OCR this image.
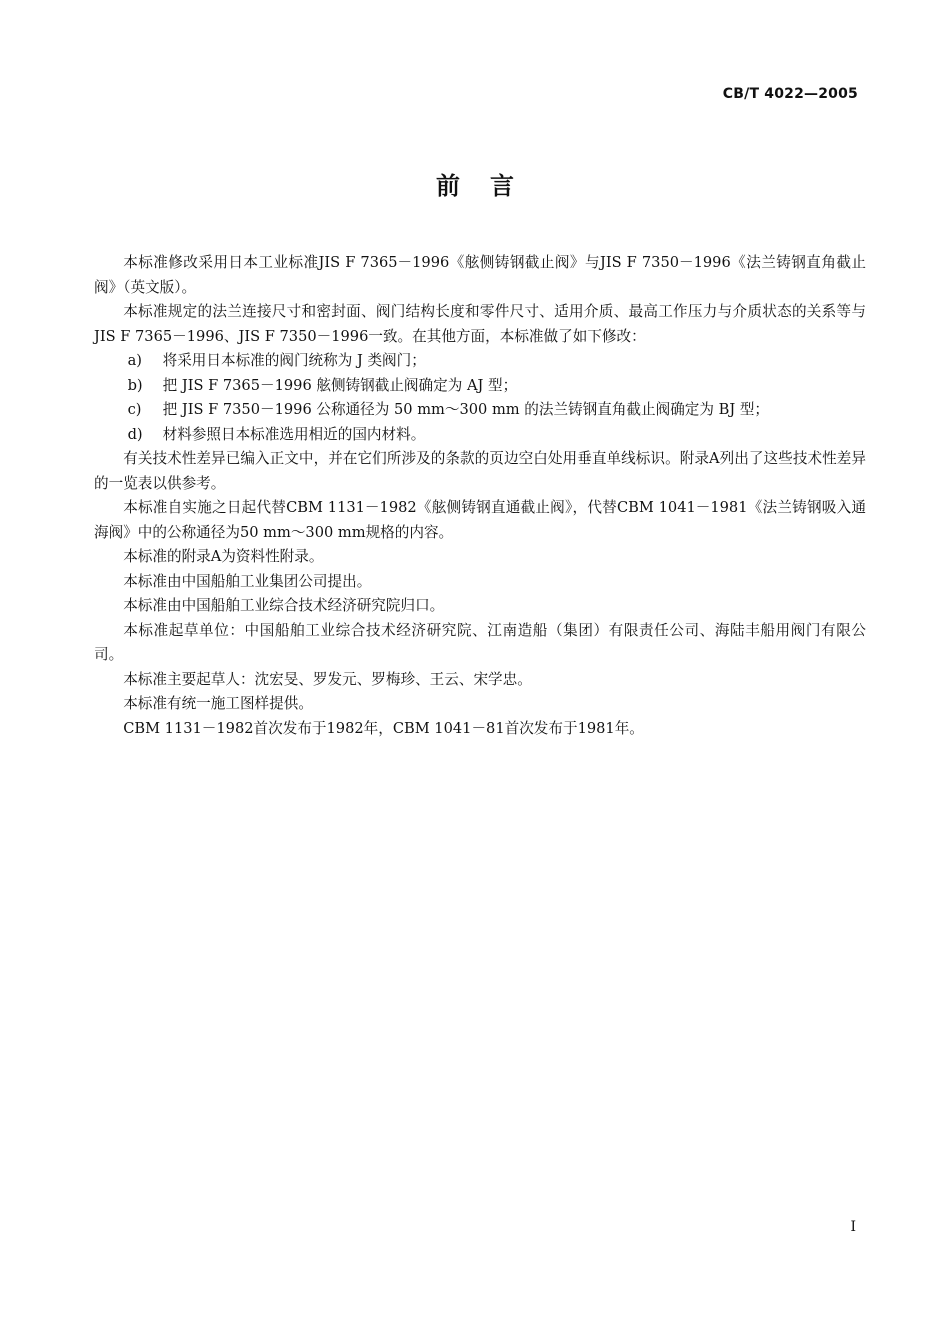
CB/T 4022—2005
前言

本标准修改采用日本工业标准JIS F 7365－1996《舷侧铸钢截止阀》与JIS F 7350－1996《法兰铸钢直角截止阀》（英文版）。

本标准规定的法兰连接尺寸和密封面、阀门结构长度和零件尺寸、适用介质、最高工作压力与介质状态的关系等与JIS F 7365－1996、JIS F 7350－1996一致。在其他方面，本标准做了如下修改：

a) 将采用日本标准的阀门统称为 J 类阀门；

b) 把 JIS F 7365－1996 舷侧铸钢截止阀确定为 AJ 型；

c) 把 JIS F 7350－1996 公称通径为 50 mm～300 mm 的法兰铸钢直角截止阀确定为 BJ 型；

d) 材料参照日本标准选用相近的国内材料。

有关技术性差异已编入正文中，并在它们所涉及的条款的页边空白处用垂直单线标识。附录A列出了这些技术性差异的一览表以供参考。

本标准自实施之日起代替CBM 1131－1982《舷侧铸钢直通截止阀》，代替CBM 1041－1981《法兰铸钢吸入通海阀》中的公称通径为50 mm～300 mm规格的内容。

本标准的附录A为资料性附录。

本标准由中国船舶工业集团公司提出。

本标准由中国船舶工业综合技术经济研究院归口。

本标准起草单位：中国船舶工业综合技术经济研究院、江南造船（集团）有限责任公司、海陆丰船用阀门有限公司。

本标准主要起草人：沈宏旻、罗发元、罗梅珍、王云、宋学忠。

本标准有统一施工图样提供。

CBM 1131－1982首次发布于1982年，CBM 1041－81首次发布于1981年。

I
